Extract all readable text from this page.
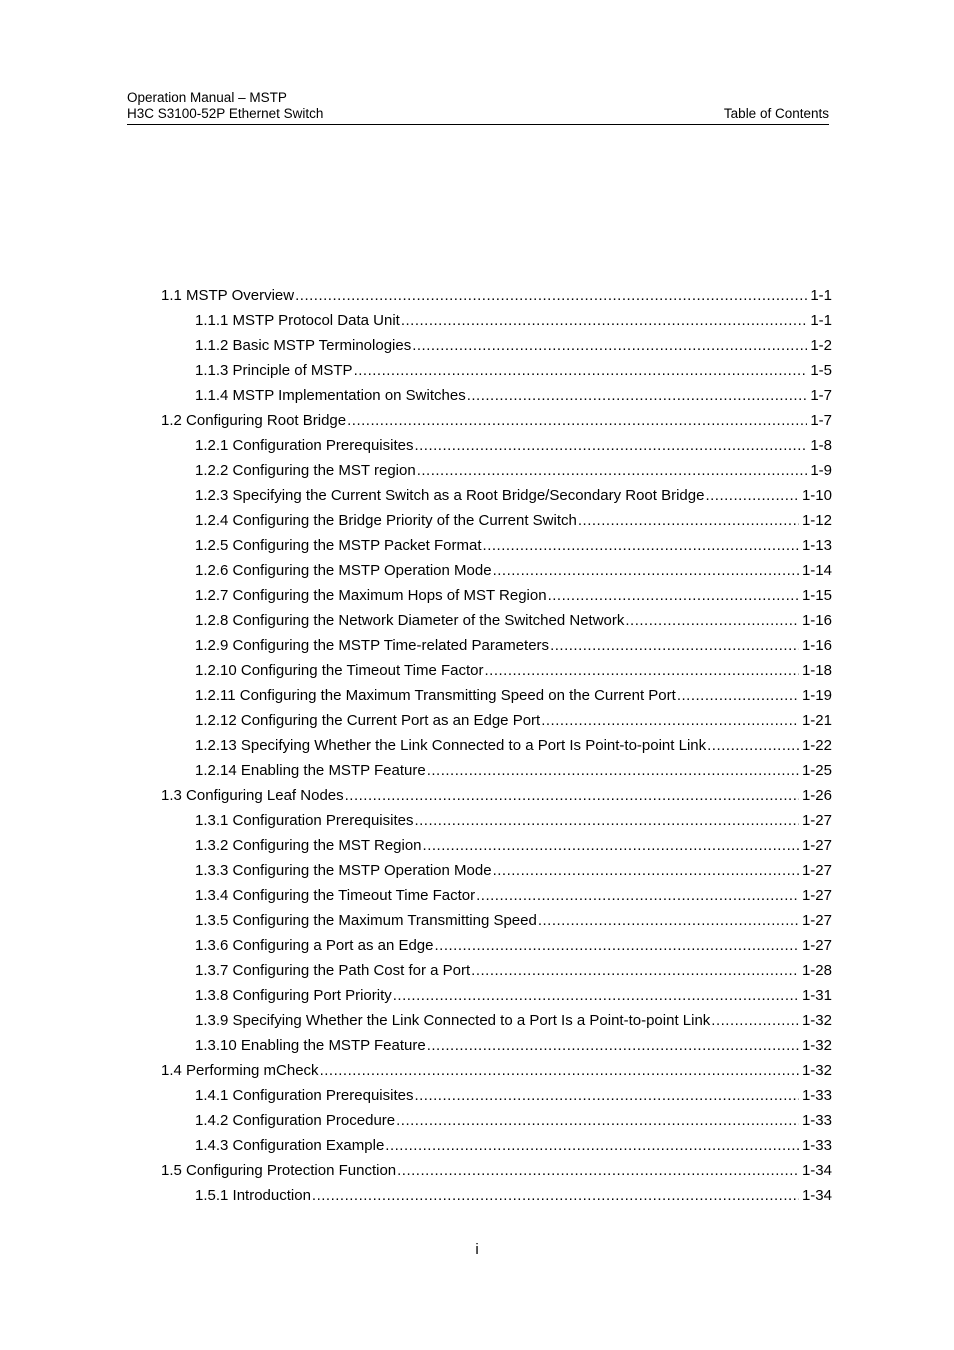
Operation Manual – MSTP
H3C S3100-52P Ethernet Switch	Table of Contents
1.1 MSTP Overview .....	1-1
1.1.1 MSTP Protocol Data Unit .....	1-1
1.1.2 Basic MSTP Terminologies .....	1-2
1.1.3 Principle of MSTP .....	1-5
1.1.4 MSTP Implementation on Switches .....	1-7
1.2 Configuring Root Bridge .....	1-7
1.2.1 Configuration Prerequisites .....	1-8
1.2.2 Configuring the MST region .....	1-9
1.2.3 Specifying the Current Switch as a Root Bridge/Secondary Root Bridge .....	1-10
1.2.4 Configuring the Bridge Priority of the Current Switch .....	1-12
1.2.5 Configuring the MSTP Packet Format .....	1-13
1.2.6 Configuring the MSTP Operation Mode .....	1-14
1.2.7 Configuring the Maximum Hops of MST Region .....	1-15
1.2.8 Configuring the Network Diameter of the Switched Network .....	1-16
1.2.9 Configuring the MSTP Time-related Parameters .....	1-16
1.2.10 Configuring the Timeout Time Factor .....	1-18
1.2.11 Configuring the Maximum Transmitting Speed on the Current Port .....	1-19
1.2.12 Configuring the Current Port as an Edge Port .....	1-21
1.2.13 Specifying Whether the Link Connected to a Port Is Point-to-point Link .....	1-22
1.2.14 Enabling the MSTP Feature .....	1-25
1.3 Configuring Leaf Nodes .....	1-26
1.3.1 Configuration Prerequisites .....	1-27
1.3.2 Configuring the MST Region .....	1-27
1.3.3 Configuring the MSTP Operation Mode .....	1-27
1.3.4 Configuring the Timeout Time Factor .....	1-27
1.3.5 Configuring the Maximum Transmitting Speed .....	1-27
1.3.6 Configuring a Port as an Edge .....	1-27
1.3.7 Configuring the Path Cost for a Port .....	1-28
1.3.8 Configuring Port Priority .....	1-31
1.3.9 Specifying Whether the Link Connected to a Port Is a Point-to-point Link .....	1-32
1.3.10 Enabling the MSTP Feature .....	1-32
1.4 Performing mCheck .....	1-32
1.4.1 Configuration Prerequisites .....	1-33
1.4.2 Configuration Procedure .....	1-33
1.4.3 Configuration Example .....	1-33
1.5 Configuring Protection Function .....	1-34
1.5.1 Introduction .....	1-34
i
